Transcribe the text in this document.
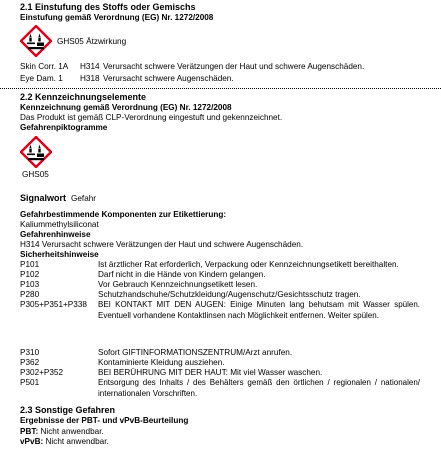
2.1 Einstufung des Stoffs oder Gemischs
Einstufung gemäß Verordnung (EG) Nr. 1272/2008
GHS05 Ätzwirkung
Skin Corr. 1A H314 Verursacht schwere Verätzungen der Haut und schwere Augenschäden.
Eye Dam. 1 H318 Verursacht schwere Augenschäden.
2.2 Kennzeichnungselemente
Kennzeichnung gemäß Verordnung (EG) Nr. 1272/2008
Das Produkt ist gemäß CLP-Verordnung eingestuft und gekennzeichnet.
Gefahrenpiktogramme
GHS05
Signalwort Gefahr
Gefahrbestimmende Komponenten zur Etikettierung:
Kaliummethylsiliconat
Gefahrenhinweise
H314 Verursacht schwere Verätzungen der Haut und schwere Augenschäden.
Sicherheitshinweise
P101	Ist ärztlicher Rat erforderlich, Verpackung oder Kennzeichnungsetikett bereithalten.
P102	Darf nicht in die Hände von Kindern gelangen.
P103	Vor Gebrauch Kennzeichnungsetikett lesen.
P280	Schutzhandschuhe/Schutzkleidung/Augenschutz/Gesichtsschutz tragen.
P305+P351+P338 BEI KONTAKT MIT DEN AUGEN: Einige Minuten lang behutsam mit Wasser spülen. Eventuell vorhandene Kontaktlinsen nach Möglichkeit entfernen. Weiter spülen.
P310	Sofort GIFTINFORMATIONSZENTRUM/Arzt anrufen.
P362	Kontaminierte Kleidung ausziehen.
P302+P352	BEI BERÜHRUNG MIT DER HAUT: Mit viel Wasser waschen.
P501	Entsorgung des Inhalts / des Behälters gemäß den örtlichen / regionalen / nationalen/ internationalen Vorschriften.
2.3 Sonstige Gefahren
Ergebnisse der PBT- und vPvB-Beurteilung
PBT: Nicht anwendbar.
vPvB: Nicht anwendbar.
